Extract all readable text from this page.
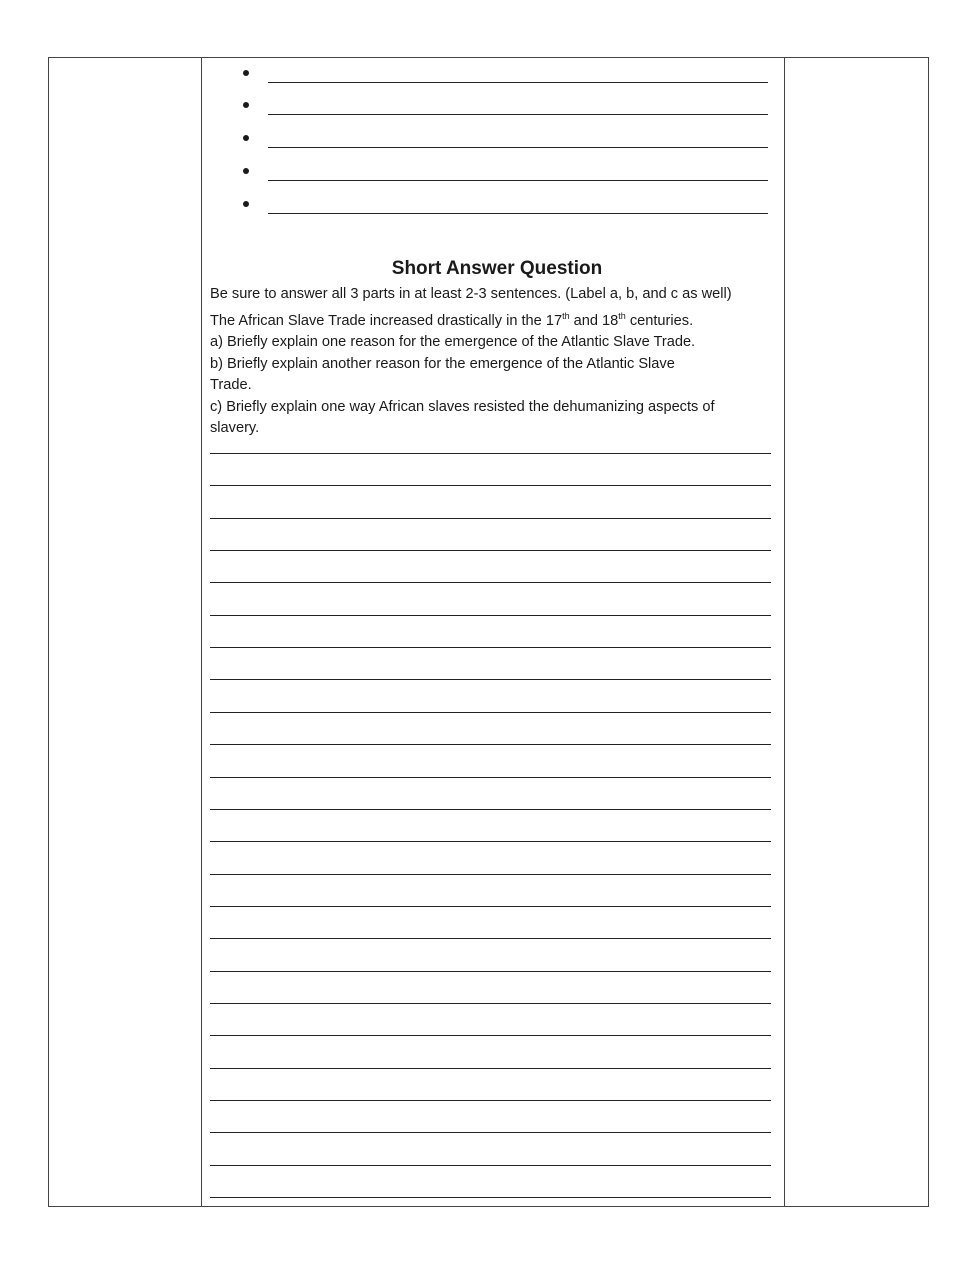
Short Answer Question

Be sure to answer all 3 parts in at least 2-3 sentences. (Label a, b, and c as well)

The African Slave Trade increased drastically in the 17th and 18th centuries.

a) Briefly explain one reason for the emergence of the Atlantic Slave Trade.

b) Briefly explain another reason for the emergence of the Atlantic Slave

Trade.

c) Briefly explain one way African slaves resisted the dehumanizing aspects of

slavery.
